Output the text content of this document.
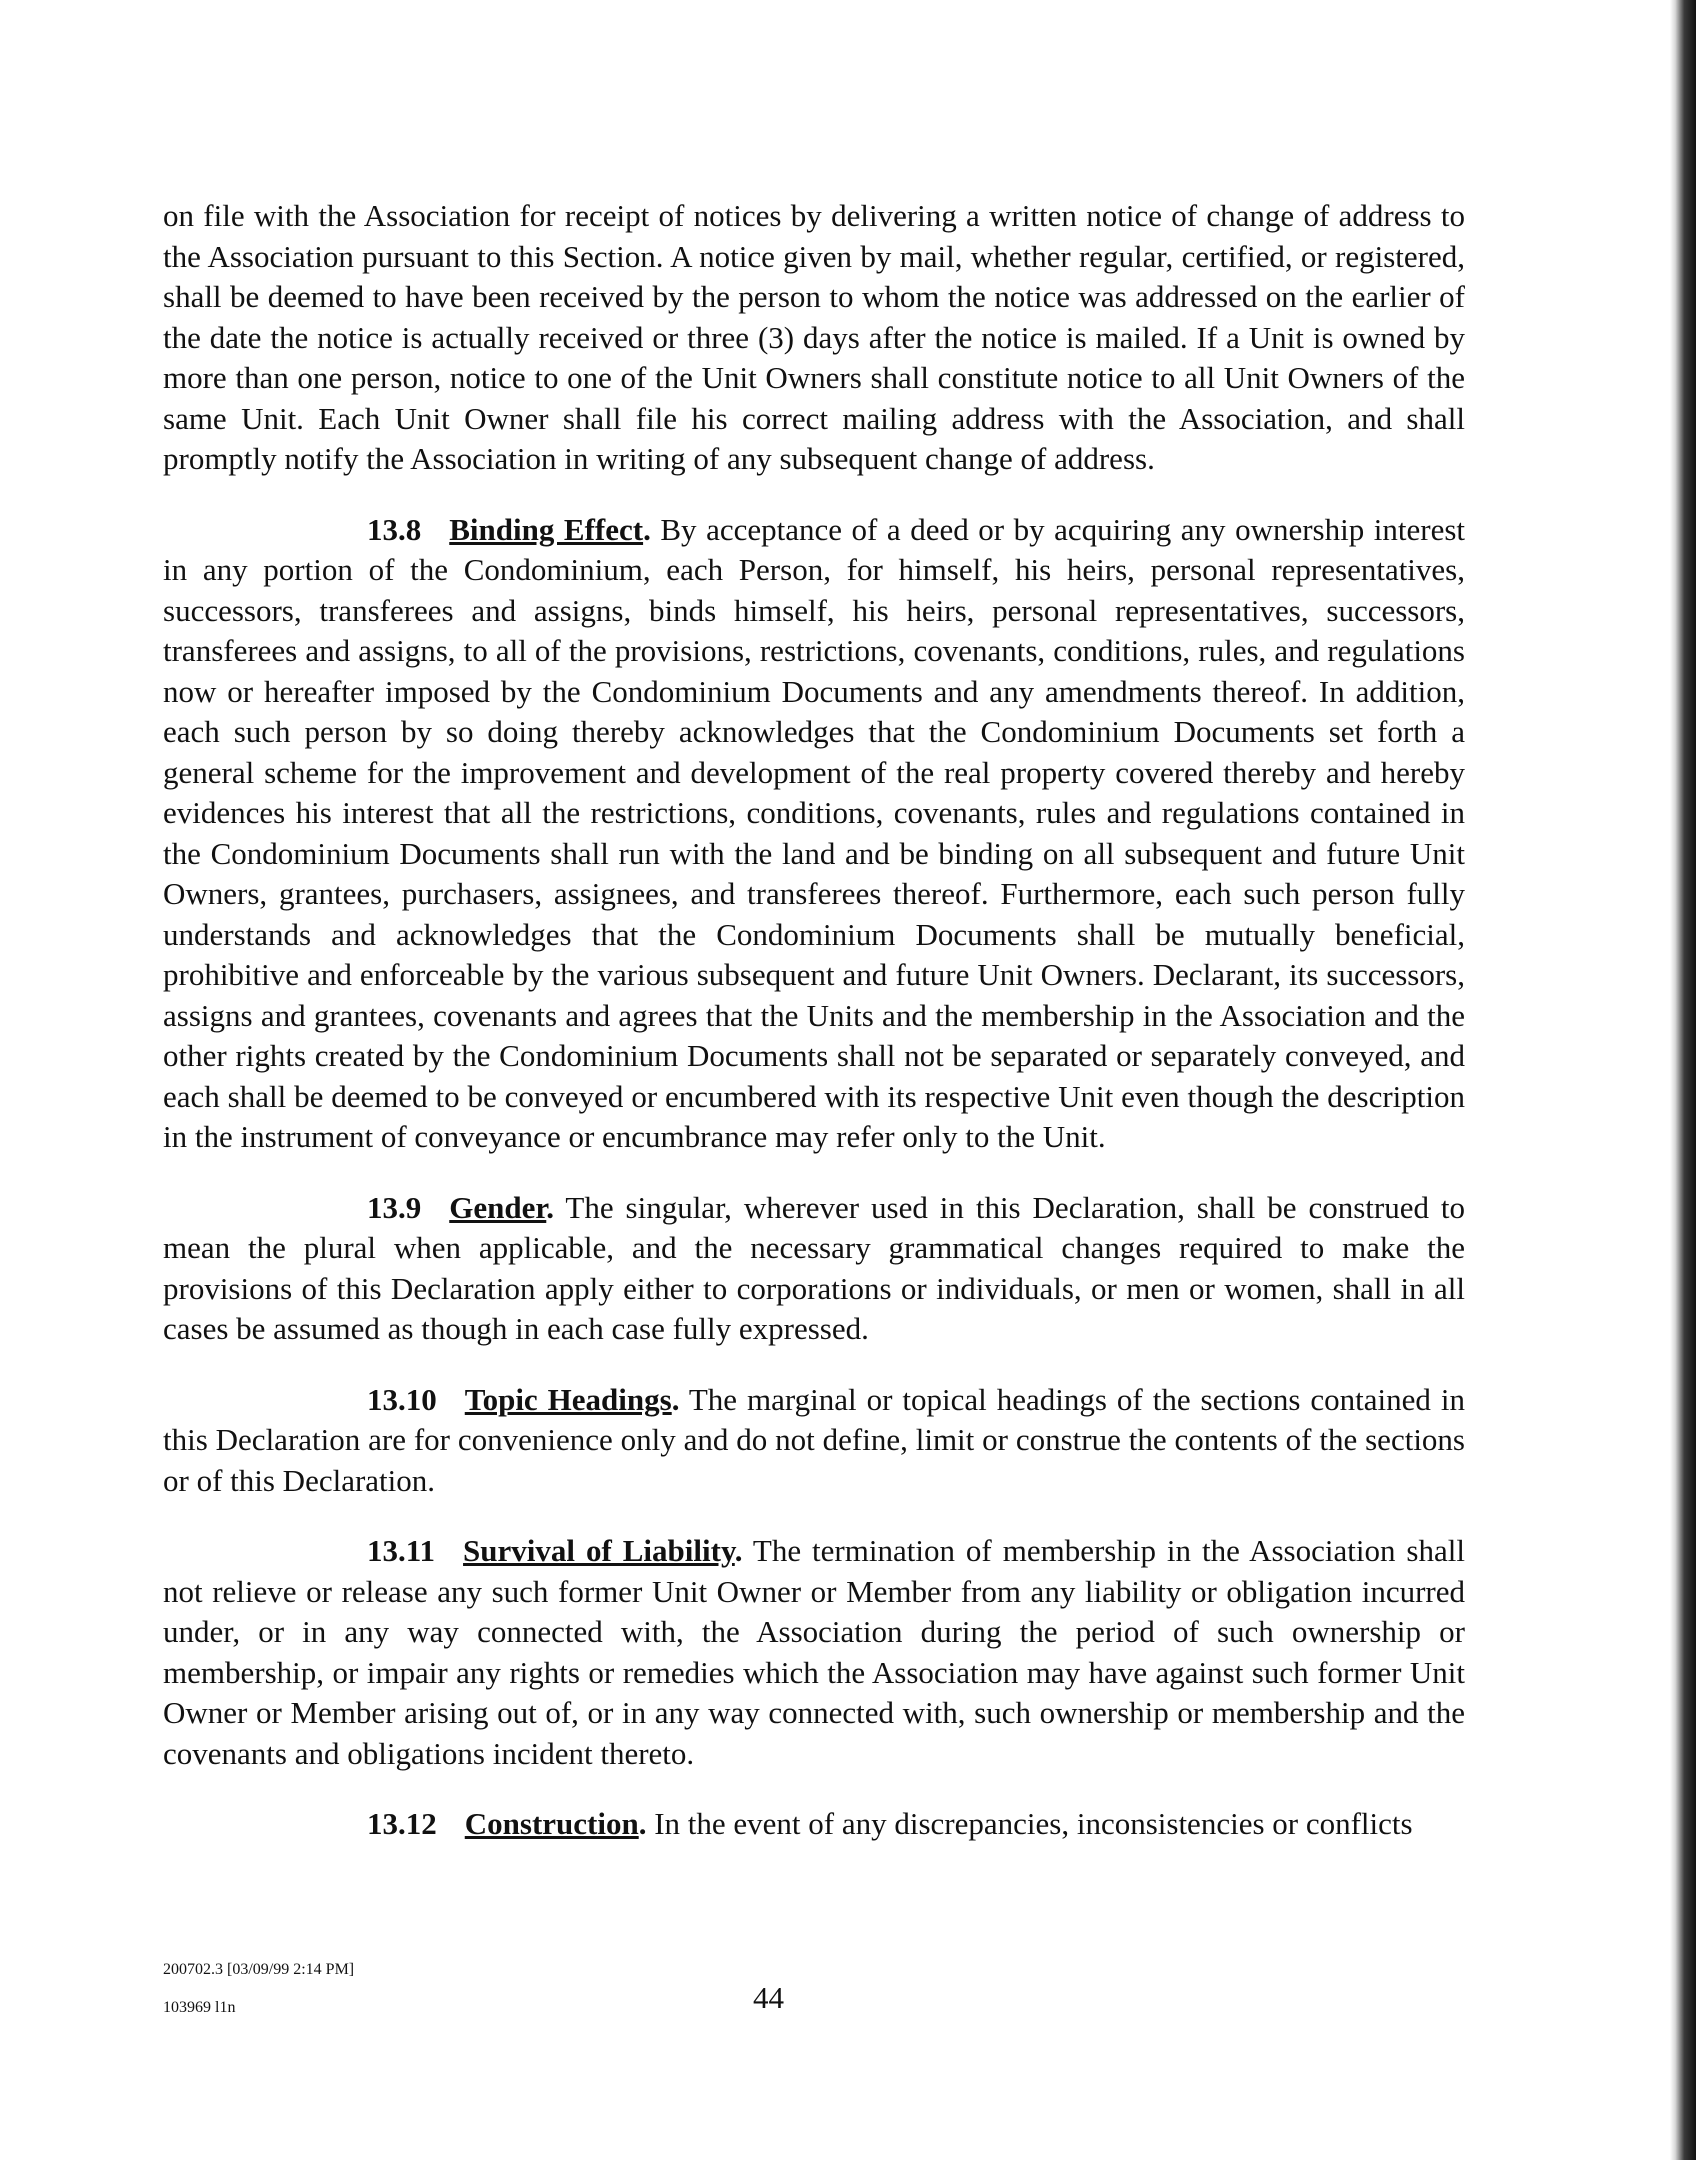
on file with the Association for receipt of notices by delivering a written notice of change of address to the Association pursuant to this Section. A notice given by mail, whether regular, certified, or registered, shall be deemed to have been received by the person to whom the notice was addressed on the earlier of the date the notice is actually received or three (3) days after the notice is mailed. If a Unit is owned by more than one person, notice to one of the Unit Owners shall constitute notice to all Unit Owners of the same Unit. Each Unit Owner shall file his correct mailing address with the Association, and shall promptly notify the Association in writing of any subsequent change of address.

13.8 Binding Effect. By acceptance of a deed or by acquiring any ownership interest in any portion of the Condominium, each Person, for himself, his heirs, personal representatives, successors, transferees and assigns, binds himself, his heirs, personal representatives, successors, transferees and assigns, to all of the provisions, restrictions, covenants, conditions, rules, and regulations now or hereafter imposed by the Condominium Documents and any amendments thereof. In addition, each such person by so doing thereby acknowledges that the Condominium Documents set forth a general scheme for the improvement and development of the real property covered thereby and hereby evidences his interest that all the restrictions, conditions, covenants, rules and regulations contained in the Condominium Documents shall run with the land and be binding on all subsequent and future Unit Owners, grantees, purchasers, assignees, and transferees thereof. Furthermore, each such person fully understands and acknowledges that the Condominium Documents shall be mutually beneficial, prohibitive and enforceable by the various subsequent and future Unit Owners. Declarant, its successors, assigns and grantees, covenants and agrees that the Units and the membership in the Association and the other rights created by the Condominium Documents shall not be separated or separately conveyed, and each shall be deemed to be conveyed or encumbered with its respective Unit even though the description in the instrument of conveyance or encumbrance may refer only to the Unit.

13.9 Gender. The singular, wherever used in this Declaration, shall be construed to mean the plural when applicable, and the necessary grammatical changes required to make the provisions of this Declaration apply either to corporations or individuals, or men or women, shall in all cases be assumed as though in each case fully expressed.

13.10 Topic Headings. The marginal or topical headings of the sections contained in this Declaration are for convenience only and do not define, limit or construe the contents of the sections or of this Declaration.

13.11 Survival of Liability. The termination of membership in the Association shall not relieve or release any such former Unit Owner or Member from any liability or obligation incurred under, or in any way connected with, the Association during the period of such ownership or membership, or impair any rights or remedies which the Association may have against such former Unit Owner or Member arising out of, or in any way connected with, such ownership or membership and the covenants and obligations incident thereto.

13.12 Construction. In the event of any discrepancies, inconsistencies or conflicts

200702.3 [03/09/99 2:14 PM]
103969 l1n	44
